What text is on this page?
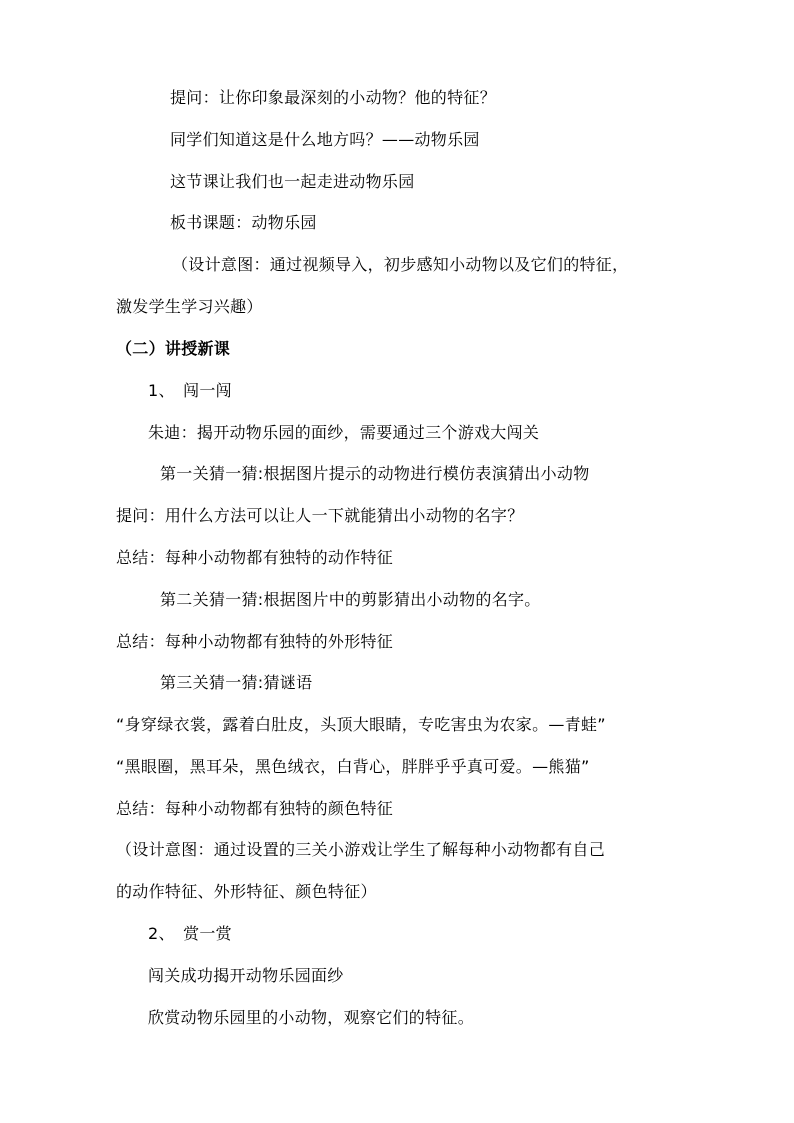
提问：让你印象最深刻的小动物？他的特征？
同学们知道这是什么地方吗？——动物乐园
这节课让我们也一起走进动物乐园
板书课题：动物乐园
（设计意图：通过视频导入，初步感知小动物以及它们的特征，
激发学生学习兴趣）
（二）讲授新课
1、　闯一闯
朱迪：揭开动物乐园的面纱，需要通过三个游戏大闯关
第一关猜一猜:根据图片提示的动物进行模仿表演猜出小动物
提问：用什么方法可以让人一下就能猜出小动物的名字？
总结：每种小动物都有独特的动作特征
第二关猜一猜:根据图片中的剪影猜出小动物的名字。
总结：每种小动物都有独特的外形特征
第三关猜一猜:猜谜语
“身穿绿衣裳，露着白肚皮，头顶大眼睛，专吃害虫为农家。—青蛙”
“黑眼圈，黑耳朵，黑色绒衣，白背心，胖胖乎乎真可爱。—熊猫”
总结：每种小动物都有独特的颜色特征
（设计意图：通过设置的三关小游戏让学生了解每种小动物都有自己
的动作特征、外形特征、颜色特征）
2、　赏一赏
闯关成功揭开动物乐园面纱
欣赏动物乐园里的小动物，观察它们的特征。
